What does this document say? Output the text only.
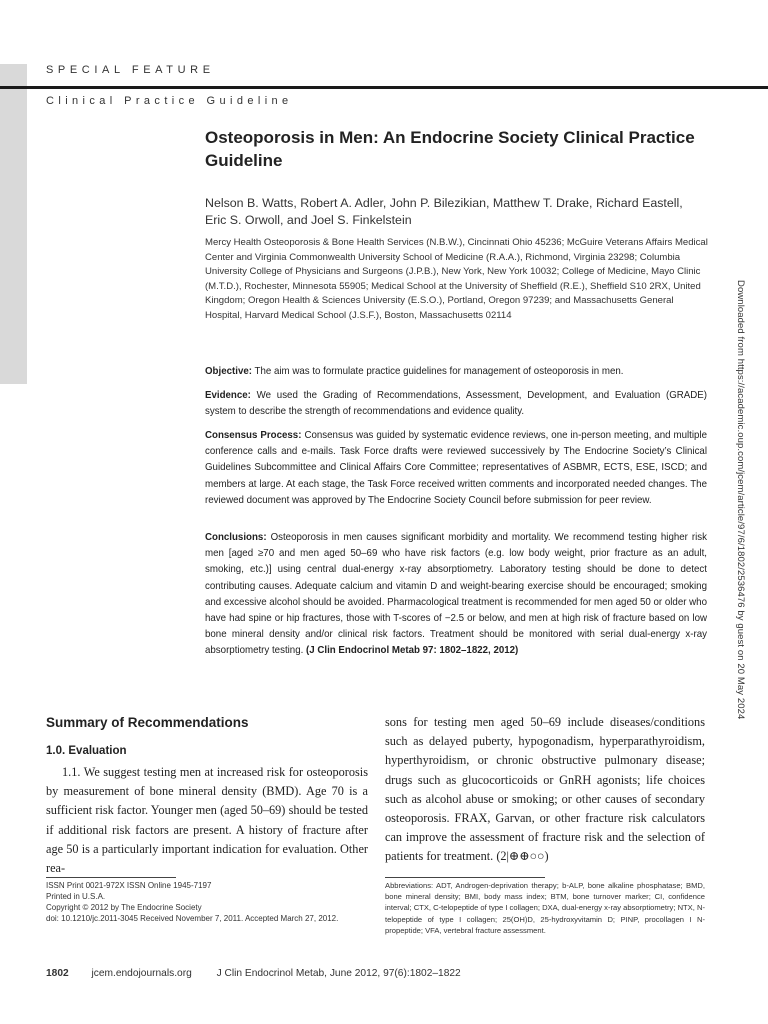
SPECIAL FEATURE
Clinical Practice Guideline
Osteoporosis in Men: An Endocrine Society Clinical Practice Guideline
Nelson B. Watts, Robert A. Adler, John P. Bilezikian, Matthew T. Drake, Richard Eastell, Eric S. Orwoll, and Joel S. Finkelstein
Mercy Health Osteoporosis & Bone Health Services (N.B.W.), Cincinnati Ohio 45236; McGuire Veterans Affairs Medical Center and Virginia Commonwealth University School of Medicine (R.A.A.), Richmond, Virginia 23298; Columbia University College of Physicians and Surgeons (J.P.B.), New York, New York 10032; College of Medicine, Mayo Clinic (M.T.D.), Rochester, Minnesota 55905; Medical School at the University of Sheffield (R.E.), Sheffield S10 2RX, United Kingdom; Oregon Health & Sciences University (E.S.O.), Portland, Oregon 97239; and Massachusetts General Hospital, Harvard Medical School (J.S.F.), Boston, Massachusetts 02114
Objective: The aim was to formulate practice guidelines for management of osteoporosis in men.
Evidence: We used the Grading of Recommendations, Assessment, Development, and Evaluation (GRADE) system to describe the strength of recommendations and evidence quality.
Consensus Process: Consensus was guided by systematic evidence reviews, one in-person meeting, and multiple conference calls and e-mails. Task Force drafts were reviewed successively by The Endocrine Society’s Clinical Guidelines Subcommittee and Clinical Affairs Core Committee; representatives of ASBMR, ECTS, ESE, ISCD; and members at large. At each stage, the Task Force received written comments and incorporated needed changes. The reviewed document was approved by The Endocrine Society Council before submission for peer review.
Conclusions: Osteoporosis in men causes significant morbidity and mortality. We recommend testing higher risk men [aged ≥70 and men aged 50–69 who have risk factors (e.g. low body weight, prior fracture as an adult, smoking, etc.)] using central dual-energy x-ray absorptiometry. Laboratory testing should be done to detect contributing causes. Adequate calcium and vitamin D and weight-bearing exercise should be encouraged; smoking and excessive alcohol should be avoided. Pharmacological treatment is recommended for men aged 50 or older who have had spine or hip fractures, those with T-scores of −2.5 or below, and men at high risk of fracture based on low bone mineral density and/or clinical risk factors. Treatment should be monitored with serial dual-energy x-ray absorptiometry testing. (J Clin Endocrinol Metab 97: 1802–1822, 2012)	Downloaded from https://academic.oup.com/jcem/article/97/6/1802/2536476 by guest on 20 May 2024
Summary of Recommendations
1.0. Evaluation
1.1. We suggest testing men at increased risk for osteoporosis by measurement of bone mineral density (BMD). Age 70 is a sufficient risk factor. Younger men (aged 50–69) should be tested if additional risk factors are present. A history of fracture after age 50 is a particularly important indication for evaluation. Other rea-
sons for testing men aged 50–69 include diseases/conditions such as delayed puberty, hypogonadism, hyperparathyroidism, hyperthyroidism, or chronic obstructive pulmonary disease; drugs such as glucocorticoids or GnRH agonists; life choices such as alcohol abuse or smoking; or other causes of secondary osteoporosis. FRAX, Garvan, or other fracture risk calculators can improve the assessment of fracture risk and the selection of patients for treatment. (2|⊕⊕○○)
ISSN Print 0021-972X ISSN Online 1945-7197
Printed in U.S.A.
Copyright © 2012 by The Endocrine Society
doi: 10.1210/jc.2011-3045 Received November 7, 2011. Accepted March 27, 2012.
Abbreviations: ADT, Androgen-deprivation therapy; b-ALP, bone alkaline phosphatase; BMD, bone mineral density; BMI, body mass index; BTM, bone turnover marker; CI, confidence interval; CTX, C-telopeptide of type I collagen; DXA, dual-energy x-ray absorptiometry; NTX, N-telopeptide of type I collagen; 25(OH)D, 25-hydroxyvitamin D; PINP, procollagen I N-propeptide; VFA, vertebral fracture assessment.
1802 jcem.endojournals.org J Clin Endocrinol Metab, June 2012, 97(6):1802–1822
